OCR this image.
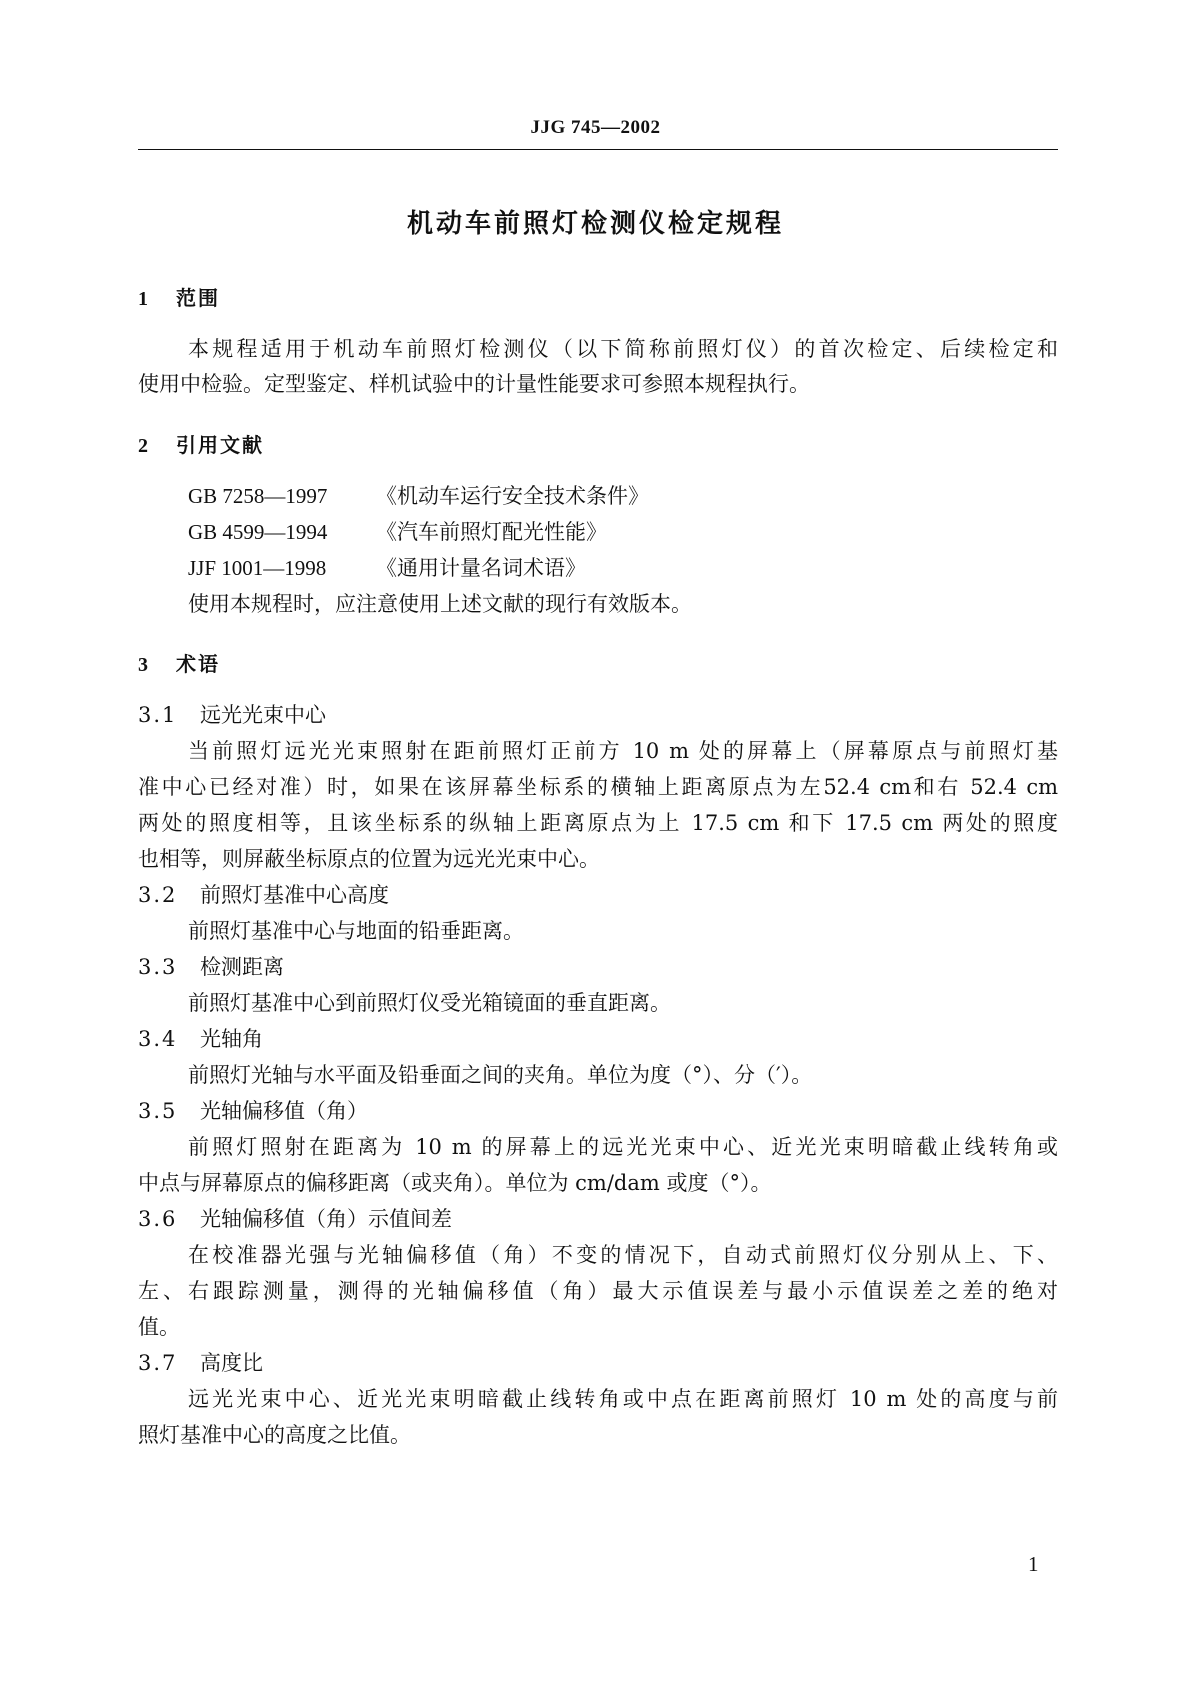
JJG 745—2002
机动车前照灯检测仪检定规程
1 范围
本规程适用于机动车前照灯检测仪（以下简称前照灯仪）的首次检定、后续检定和
使用中检验。定型鉴定、样机试验中的计量性能要求可参照本规程执行。
2 引用文献
GB 7258—1997 《机动车运行安全技术条件》
GB 4599—1994 《汽车前照灯配光性能》
JJF 1001—1998 《通用计量名词术语》
使用本规程时，应注意使用上述文献的现行有效版本。
3 术语
3.1 远光光束中心
当前照灯远光光束照射在距前照灯正前方 10 m 处的屏幕上（屏幕原点与前照灯基
准中心已经对准）时，如果在该屏幕坐标系的横轴上距离原点为左52.4 cm和右 52.4 cm
两处的照度相等，且该坐标系的纵轴上距离原点为上 17.5 cm 和下 17.5 cm 两处的照度
也相等，则屏蔽坐标原点的位置为远光光束中心。
3.2 前照灯基准中心高度
前照灯基准中心与地面的铅垂距离。
3.3 检测距离
前照灯基准中心到前照灯仪受光箱镜面的垂直距离。
3.4 光轴角
前照灯光轴与水平面及铅垂面之间的夹角。单位为度（°）、分（′）。
3.5 光轴偏移值（角）
前照灯照射在距离为 10 m 的屏幕上的远光光束中心、近光光束明暗截止线转角或
中点与屏幕原点的偏移距离（或夹角）。单位为 cm/dam 或度（°）。
3.6 光轴偏移值（角）示值间差
在校准器光强与光轴偏移值（角）不变的情况下，自动式前照灯仪分别从上、下、
左、右跟踪测量，测得的光轴偏移值（角）最大示值误差与最小示值误差之差的绝对
值。
3.7 高度比
远光光束中心、近光光束明暗截止线转角或中点在距离前照灯 10 m 处的高度与前
照灯基准中心的高度之比值。
1
